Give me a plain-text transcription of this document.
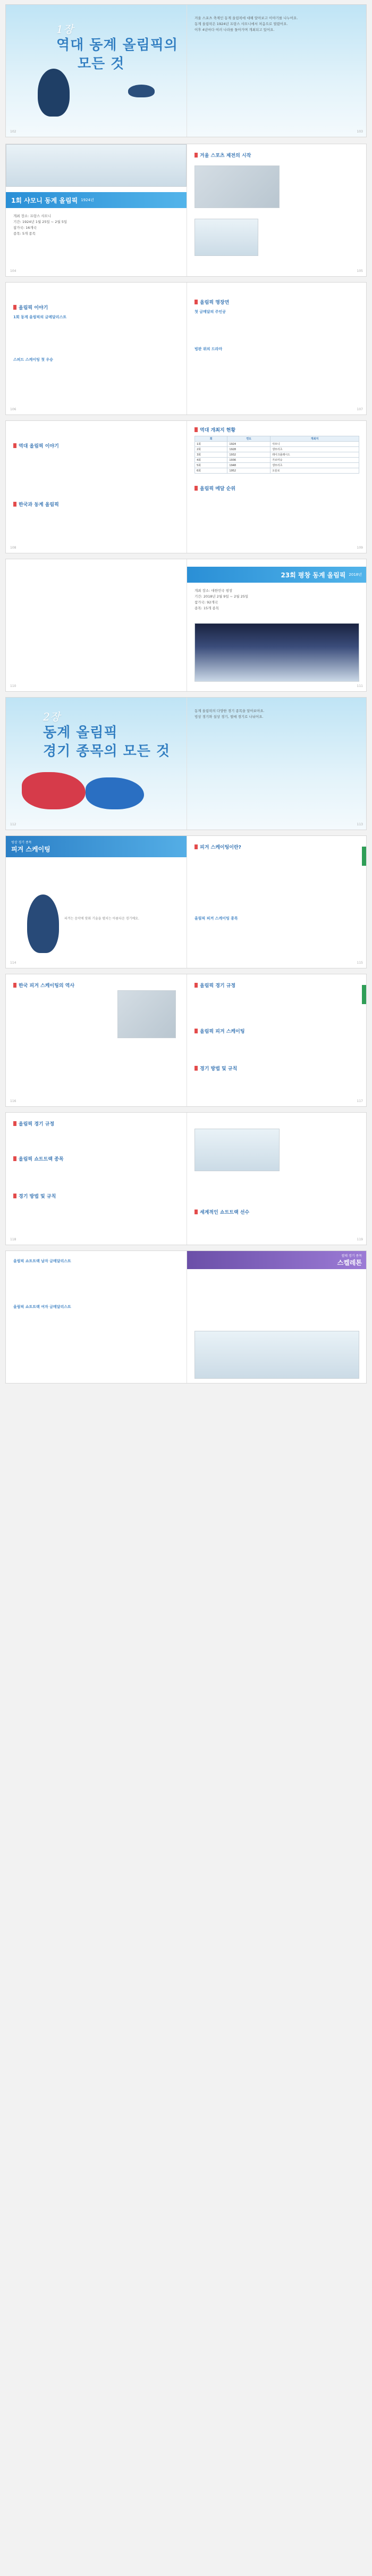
1장
역대 동계 올림픽의
모든 것
102
겨울 스포츠 축제인 동계 올림픽에 대해 알아보고 이야기를 나누어요.
동계 올림픽은 1924년 프랑스 샤모니에서 처음으로 열렸어요.
이후 4년마다 여러 나라를 돌아가며 개최되고 있어요.
103
1회 샤모니 동계 올림픽 1924년
개최 장소: 프랑스 샤모니
기간: 1924년 1월 25일 ~ 2월 5일
참가국: 16개국
종목: 5개 종목
104
겨울 스포츠 제전의 시작
105
올림픽 이야기
1회 동계 올림픽의 금메달리스트
스피드 스케이팅 첫 우승
106
올림픽 명장면
첫 금메달의 주인공
빙판 위의 드라마
107
역대 올림픽 이야기
한국과 동계 올림픽
108
역대 개최지 현황
회	연도	개최지
1회	1924	샤모니
2회	1928	생모리츠
3회	1932	레이크플래시드
4회	1936	가르미슈
5회	1948	생모리츠
6회	1952	오슬로
올림픽 메달 순위
109
110
23회 평창 동계 올림픽 2018년
개최 장소: 대한민국 평창
기간: 2018년 2월 9일 ~ 2월 25일
참가국: 92개국
종목: 15개 종목
111
2장
동계 올림픽
경기 종목의 모든 것
112
동계 올림픽의 다양한 경기 종목을 알아보아요.
빙상 경기와 설상 경기, 썰매 경기로 나뉘어요.
113
빙상 경기 종목
피겨 스케이팅
피겨는 음악에 맞춰 기술을 펼치는 아름다운 경기예요.
114
피겨 스케이팅이란?
올림픽 피겨 스케이팅 종목
115
한국 피겨 스케이팅의 역사
116
올림픽 경기 규정
올림픽 피겨 스케이팅
경기 방법 및 규칙
117
올림픽 경기 규정
올림픽 쇼트트랙 종목
경기 방법 및 규칙
118
세계적인 쇼트트랙 선수
119
올림픽 쇼트트랙 남자 금메달리스트
올림픽 쇼트트랙 여자 금메달리스트
썰매 경기 종목
스켈레톤
